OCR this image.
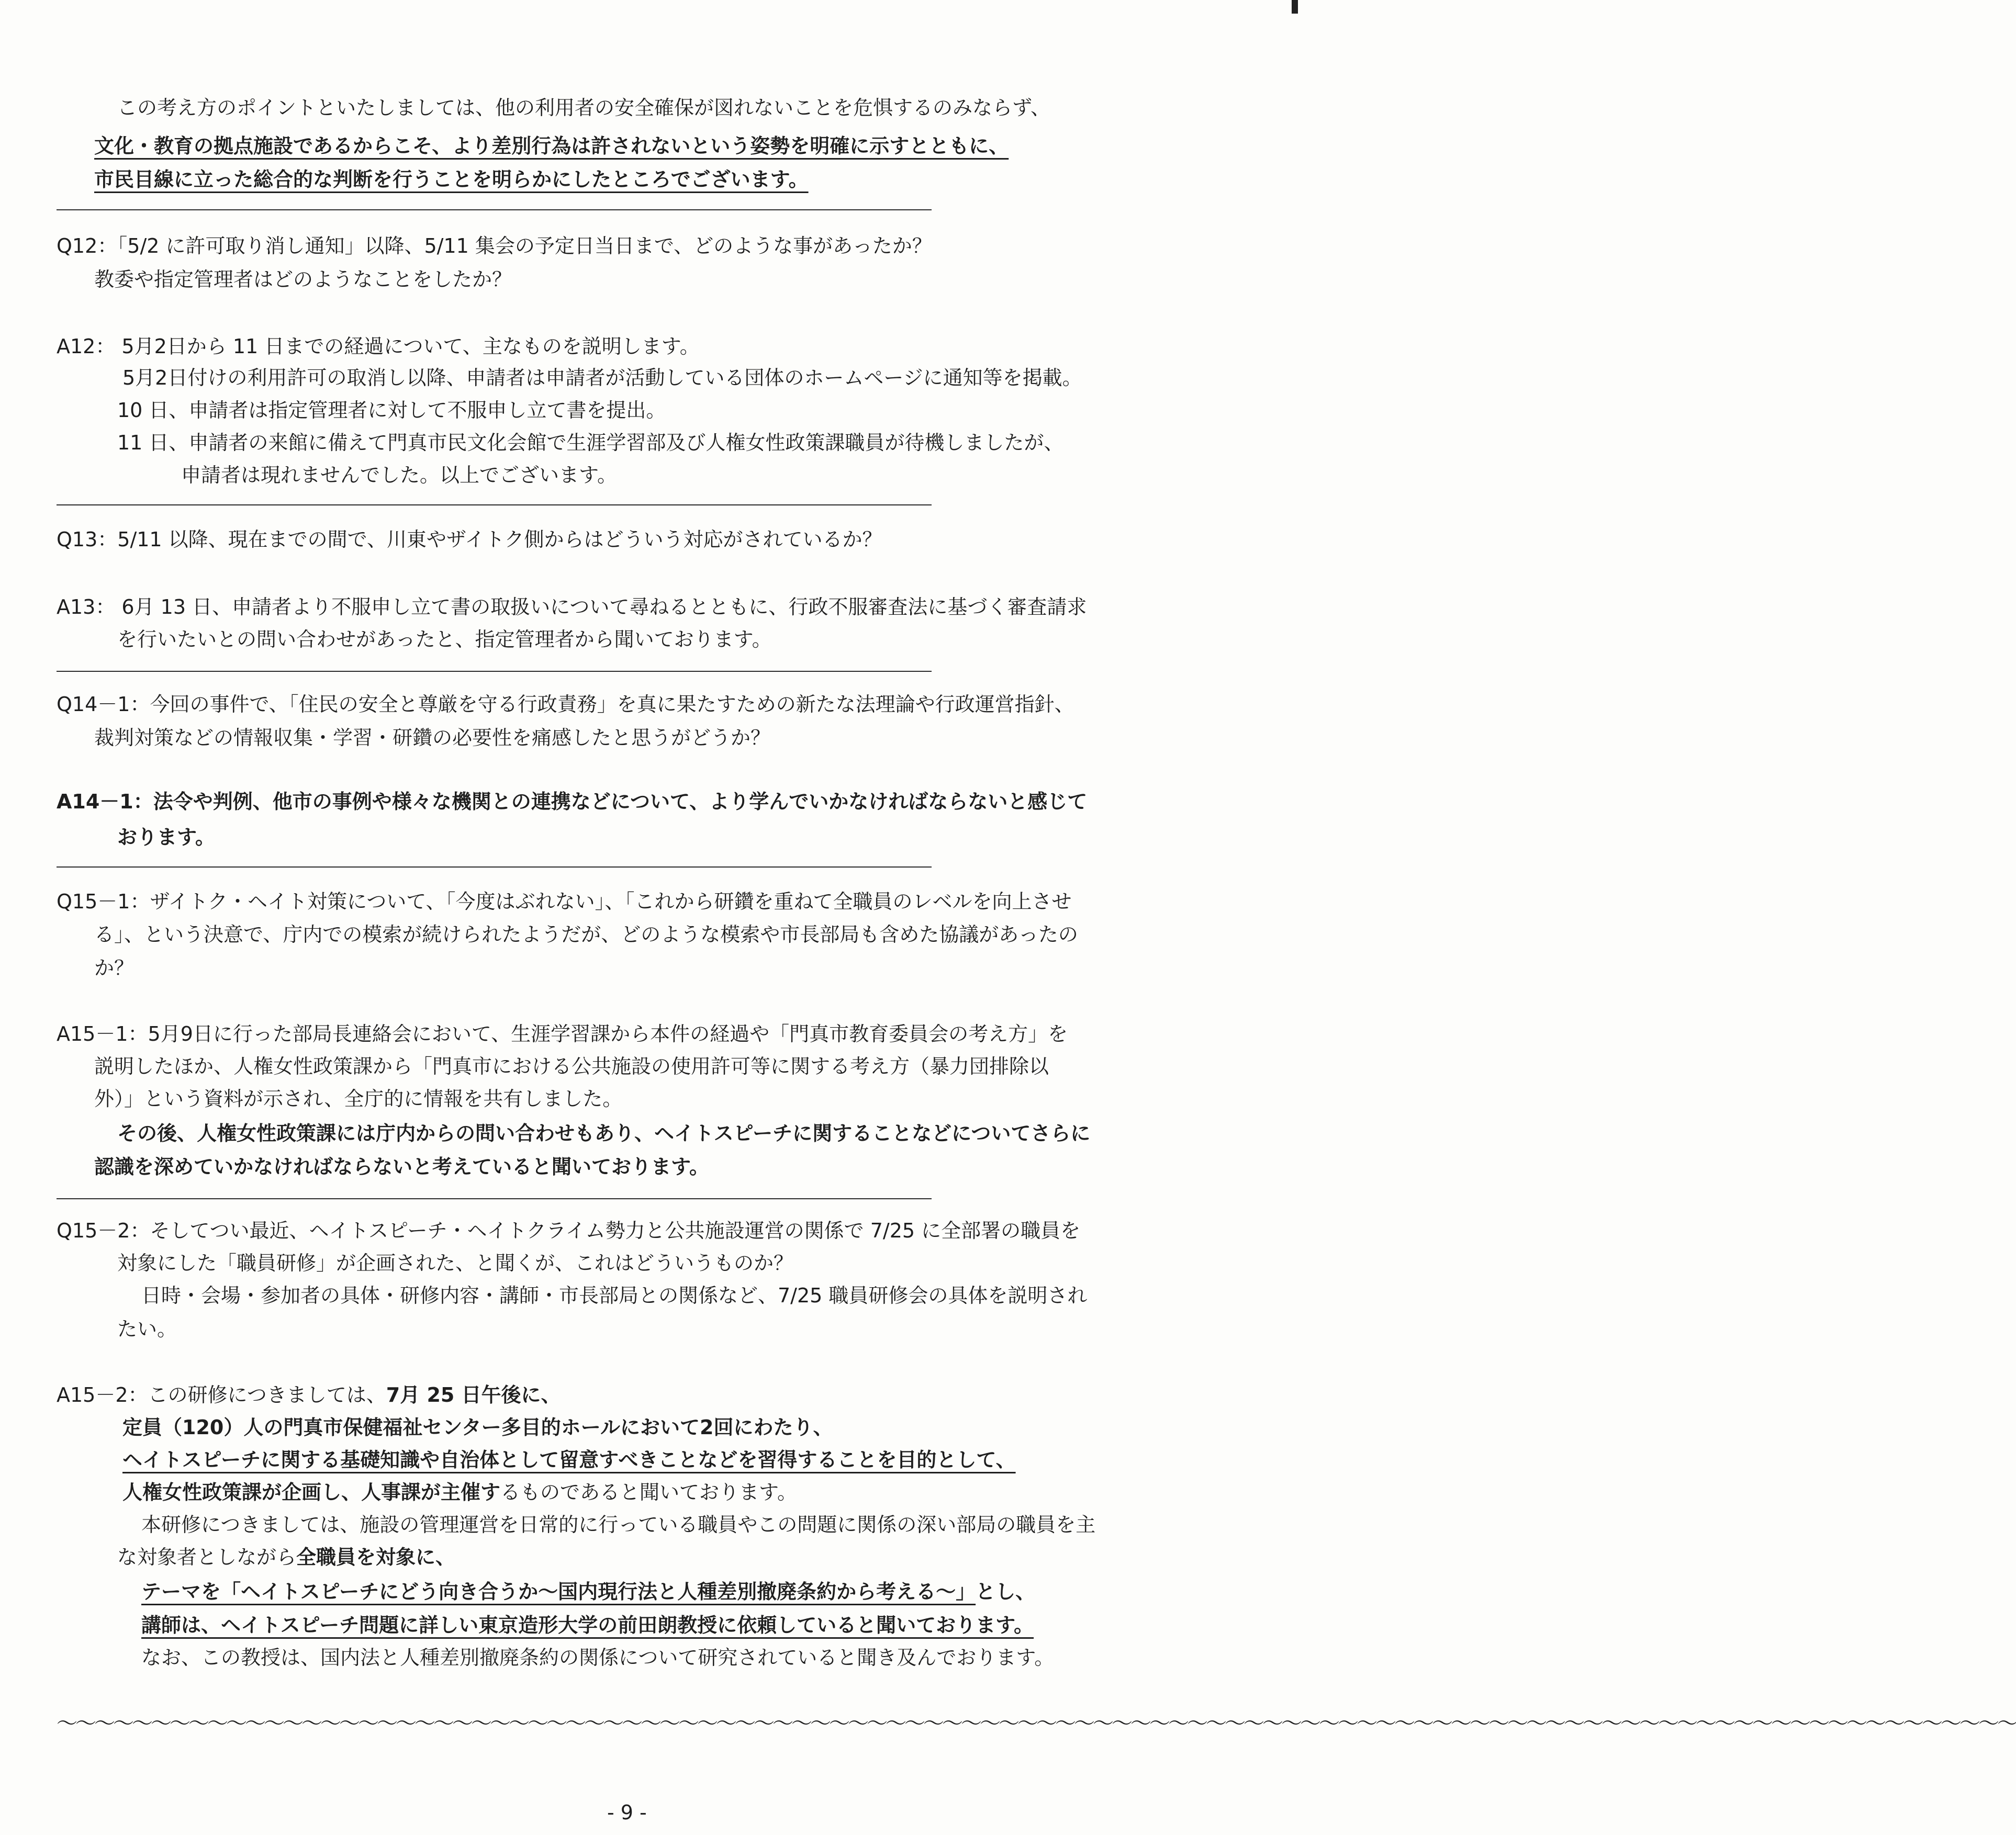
この考え方のポイントといたしましては、他の利用者の安全確保が図れないことを危惧するのみならず、
文化・教育の拠点施設であるからこそ、より差別行為は許されないという姿勢を明確に示すとともに、
市民目線に立った総合的な判断を行うことを明らかにしたところでございます。
Q12：「5/2 に許可取り消し通知」以降、5/11 集会の予定日当日まで、どのような事があったか？
教委や指定管理者はどのようなことをしたか？
A12： 5月2日から 11 日までの経過について、主なものを説明します。
5月2日付けの利用許可の取消し以降、申請者は申請者が活動している団体のホームページに通知等を掲載。
10 日、申請者は指定管理者に対して不服申し立て書を提出。
11 日、申請者の来館に備えて門真市民文化会館で生涯学習部及び人権女性政策課職員が待機しましたが、
申請者は現れませんでした。以上でございます。
Q13：5/11 以降、現在までの間で、川東やザイトク側からはどういう対応がされているか？
A13： 6月 13 日、申請者より不服申し立て書の取扱いについて尋ねるとともに、行政不服審査法に基づく審査請求
を行いたいとの問い合わせがあったと、指定管理者から聞いております。
Q14－1：今回の事件で、「住民の安全と尊厳を守る行政責務」を真に果たすための新たな法理論や行政運営指針、
裁判対策などの情報収集・学習・研鑽の必要性を痛感したと思うがどうか？
A14－1：法令や判例、他市の事例や様々な機関との連携などについて、より学んでいかなければならないと感じて
おります。
Q15－1：ザイトク・ヘイト対策について、「今度はぶれない」、「これから研鑽を重ねて全職員のレベルを向上させ
る」、という決意で、庁内での模索が続けられたようだが、どのような模索や市長部局も含めた協議があったの
か？
A15－1：5月9日に行った部局長連絡会において、生涯学習課から本件の経過や「門真市教育委員会の考え方」を
説明したほか、人権女性政策課から「門真市における公共施設の使用許可等に関する考え方（暴力団排除以
外）」という資料が示され、全庁的に情報を共有しました。
その後、人権女性政策課には庁内からの問い合わせもあり、ヘイトスピーチに関することなどについてさらに
認識を深めていかなければならないと考えていると聞いております。
Q15－2：そしてつい最近、ヘイトスピーチ・ヘイトクライム勢力と公共施設運営の関係で 7/25 に全部署の職員を
対象にした「職員研修」が企画された、と聞くが、これはどういうものか？
日時・会場・参加者の具体・研修内容・講師・市長部局との関係など、7/25 職員研修会の具体を説明され
たい。
A15－2：この研修につきましては、7月 25 日午後に、
定員（120）人の門真市保健福祉センター多目的ホールにおいて2回にわたり、
ヘイトスピーチに関する基礎知識や自治体として留意すべきことなどを習得することを目的として、
人権女性政策課が企画し、人事課が主催するものであると聞いております。
本研修につきましては、施設の管理運営を日常的に行っている職員やこの問題に関係の深い部局の職員を主
な対象者としながら全職員を対象に、
テーマを「ヘイトスピーチにどう向き合うか～国内現行法と人種差別撤廃条約から考える～」とし、
講師は、ヘイトスピーチ問題に詳しい東京造形大学の前田朗教授に依頼していると聞いております。
なお、この教授は、国内法と人種差別撤廃条約の関係について研究されていると聞き及んでおります。
～～～～～～～～～～～～～～～～～～～～～～～～～～～～～～～～～～～～～～～～～～～～～～～～～～～～～～～～～～～～～～～～～～～～～～～～～～～～～～～～～～～～～～～～～～～～～～～～～～～～～～～～
- 9 -
